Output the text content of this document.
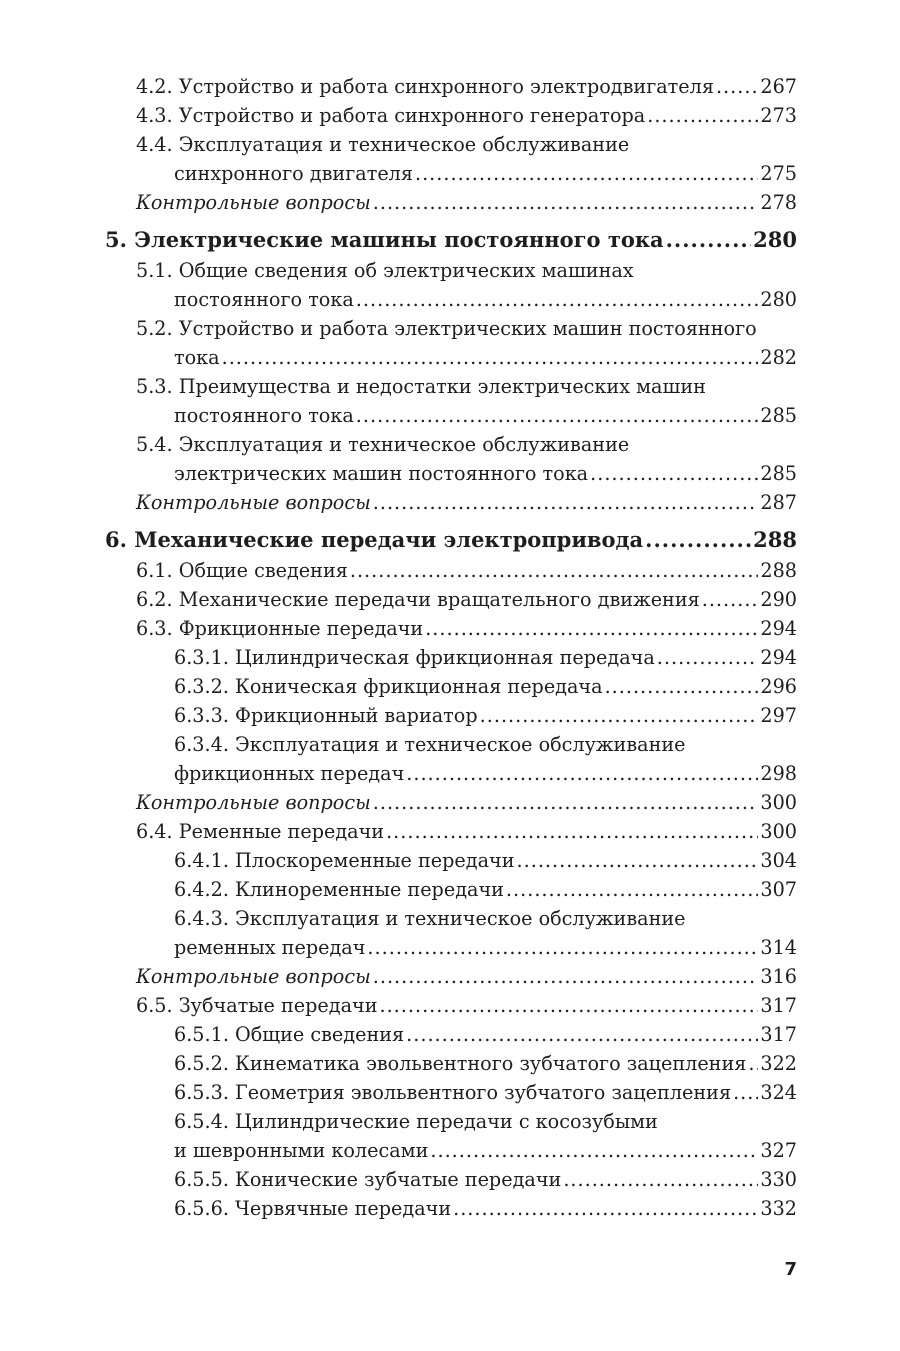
4.2. Устройство и работа синхронного электродвигателя ..... 267
4.3. Устройство и работа синхронного генератора .....	273
4.4. Эксплуатация и техническое обслуживание
синхронного двигателя .....	275
Контрольные вопросы .....	278
5. Электрические машины постоянного тока .....	280
5.1. Общие сведения об электрических машинах
постоянного тока .....	280
5.2. Устройство и работа электрических машин постоянного
тока .....	282
5.3. Преимущества и недостатки электрических машин
постоянного тока .....	285
5.4. Эксплуатация и техническое обслуживание
электрических машин постоянного тока .....	285
Контрольные вопросы .....	287
6. Механические передачи электропривода .....	288
6.1. Общие сведения .....	288
6.2. Механические передачи вращательного движения .....	290
6.3. Фрикционные передачи .....	294
6.3.1. Цилиндрическая фрикционная передача .....	294
6.3.2. Коническая фрикционная передача .....	296
6.3.3. Фрикционный вариатор .....	297
6.3.4. Эксплуатация и техническое обслуживание
фрикционных передач .....	298
Контрольные вопросы .....	300
6.4. Ременные передачи .....	300
6.4.1. Плоскоременные передачи .....	304
6.4.2. Клиноременные передачи .....	307
6.4.3. Эксплуатация и техническое обслуживание
ременных передач .....	314
Контрольные вопросы .....	316
6.5. Зубчатые передачи .....	317
6.5.1. Общие сведения .....	317
6.5.2. Кинематика эвольвентного зубчатого зацепления ..... 322
6.5.3. Геометрия эвольвентного зубчатого зацепления ..... 324
6.5.4. Цилиндрические передачи с косозубыми
и шевронными колесами .....	327
6.5.5. Конические зубчатые передачи .....	330
6.5.6. Червячные передачи .....	332
7
